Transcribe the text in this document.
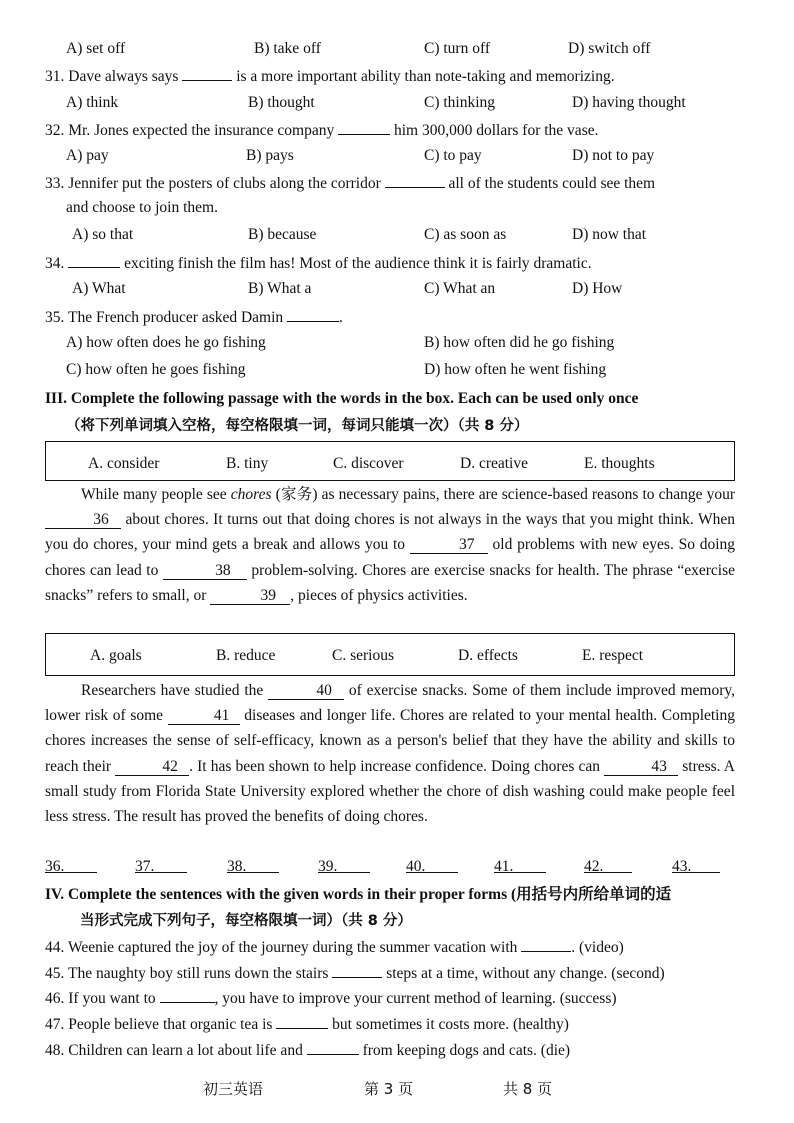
A) set off	B) take off	C) turn off	D) switch off
31. Dave always says	is a more important ability than note-taking and memorizing.
A) think	B) thought	C) thinking	D) having thought
32. Mr. Jones expected the insurance company	him 300,000 dollars for the vase.
A) pay	B) pays	C) to pay	D) not to pay
33. Jennifer put the posters of clubs along the corridor	all of the students could see them
and choose to join them.
A) so that	B) because	C) as soon as	D) now that
34.	exciting finish the film has! Most of the audience think it is fairly dramatic.
A) What	B) What a	C) What an	D) How
35. The French producer asked Damin	.
A) how often does he go fishing	B) how often did he go fishing
C) how often he goes fishing	D) how often he went fishing
III. Complete the following passage with the words in the box. Each can be used only once
（将下列单词填入空格，每空格限填一词，每词只能填一次）（共 8 分）
A. consider	B. tiny	C. discover	D. creative	E. thoughts

While many people see chores (家务) as necessary pains, there are science-based reasons to change your 36 about chores. It turns out that doing chores is not always in the ways that you might think. When you do chores, your mind gets a break and allows you to	37 old problems with new eyes. So doing chores can lead to	38 problem-solving. Chores are exercise snacks for health. The phrase “exercise snacks” refers to small, or	39 , pieces of physics activities.

A. goals	B. reduce	C. serious	D. effects	E. respect

Researchers have studied the	40 of exercise snacks. Some of them include improved memory, lower risk of some	41 diseases and longer life. Chores are related to your mental health. Completing chores increases the sense of self-efficacy, known as a person's belief that they have the ability and skills to reach their	42 . It has been shown to help increase confidence. Doing chores can	43 stress. A small study from Florida State University explored whether the chore of dish washing could make people feel less stress. The result has proved the benefits of doing chores.

36.	37.	38.	39.	40.	41.	42.	43.
IV. Complete the sentences with the given words in their proper forms (用括号内所给单词的适
当形式完成下列句子，每空格限填一词）（共 8 分）
44. Weenie captured the joy of the journey during the summer vacation with	. (video)
45. The naughty boy still runs down the stairs	steps at a time, without any change. (second)
46. If you want to	, you have to improve your current method of learning. (success)
47. People believe that organic tea is	but sometimes it costs more. (healthy)
48. Children can learn a lot about life and	from keeping dogs and cats. (die)
初三英语	第 3 页	共 8 页
